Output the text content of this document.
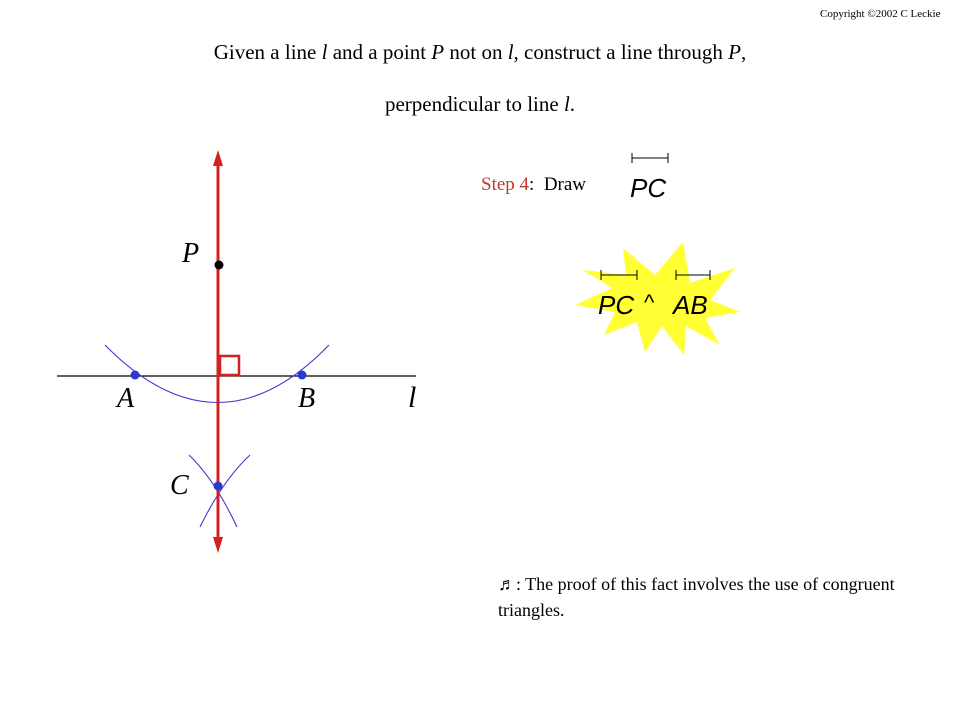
Copyright ©2002 C Leckie
Given a line l and a point P not on l, construct a line through P,
perpendicular to line l.
Step 4: Draw
P
A	B	l
C
PC
PC ^ AB
♬: The proof of this fact involves the use of congruent triangles.
